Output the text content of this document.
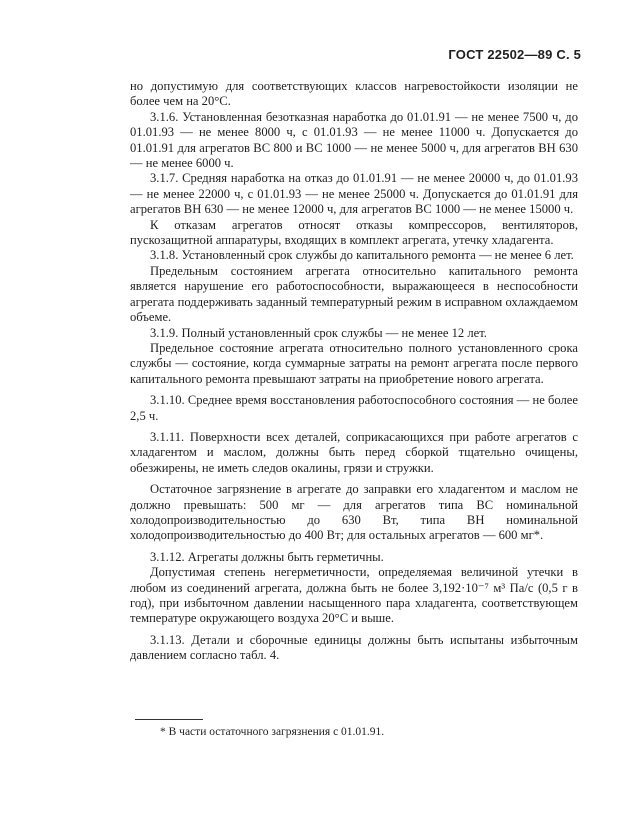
ГОСТ 22502—89 С. 5

но допустимую для соответствующих классов нагревостойкости изоляции не более чем на 20°С.

3.1.6. Установленная безотказная наработка до 01.01.91 — не менее 7500 ч, до 01.01.93 — не менее 8000 ч, с 01.01.93 — не менее 11000 ч. Допускается до 01.01.91 для агрегатов ВС 800 и ВС 1000 — не менее 5000 ч, для агрегатов ВН 630 — не менее 6000 ч.

3.1.7. Средняя наработка на отказ до 01.01.91 — не менее 20000 ч, до 01.01.93 — не менее 22000 ч, с 01.01.93 — не менее 25000 ч. Допускается до 01.01.91 для агрегатов ВН 630 — не менее 12000 ч, для агрегатов ВС 1000 — не менее 15000 ч.

К отказам агрегатов относят отказы компрессоров, вентиляторов, пускозащитной аппаратуры, входящих в комплект агрегата, утечку хладагента.

3.1.8. Установленный срок службы до капитального ремонта — не менее 6 лет.

Предельным состоянием агрегата относительно капитального ремонта является нарушение его работоспособности, выражающееся в неспособности агрегата поддерживать заданный температурный режим в исправном охлаждаемом объеме.

3.1.9. Полный установленный срок службы — не менее 12 лет.

Предельное состояние агрегата относительно полного установленного срока службы — состояние, когда суммарные затраты на ремонт агрегата после первого капитального ремонта превышают затраты на приобретение нового агрегата.

3.1.10. Среднее время восстановления работоспособного состояния — не более 2,5 ч.

3.1.11. Поверхности всех деталей, соприкасающихся при работе агрегатов с хладагентом и маслом, должны быть перед сборкой тщательно очищены, обезжирены, не иметь следов окалины, грязи и стружки.

Остаточное загрязнение в агрегате до заправки его хладагентом и маслом не должно превышать: 500 мг — для агрегатов типа ВС номинальной холодопроизводительностью до 630 Вт, типа ВН номинальной холодопроизводительностью до 400 Вт; для остальных агрегатов — 600 мг*.

3.1.12. Агрегаты должны быть герметичны.

Допустимая степень негерметичности, определяемая величиной утечки в любом из соединений агрегата, должна быть не более 3,192·10⁻⁷ м³ Па/с (0,5 г в год), при избыточном давлении насыщенного пара хладагента, соответствующем температуре окружающего воздуха 20°С и выше.

3.1.13. Детали и сборочные единицы должны быть испытаны избыточным давлением согласно табл. 4.

* В части остаточного загрязнения с 01.01.91.
